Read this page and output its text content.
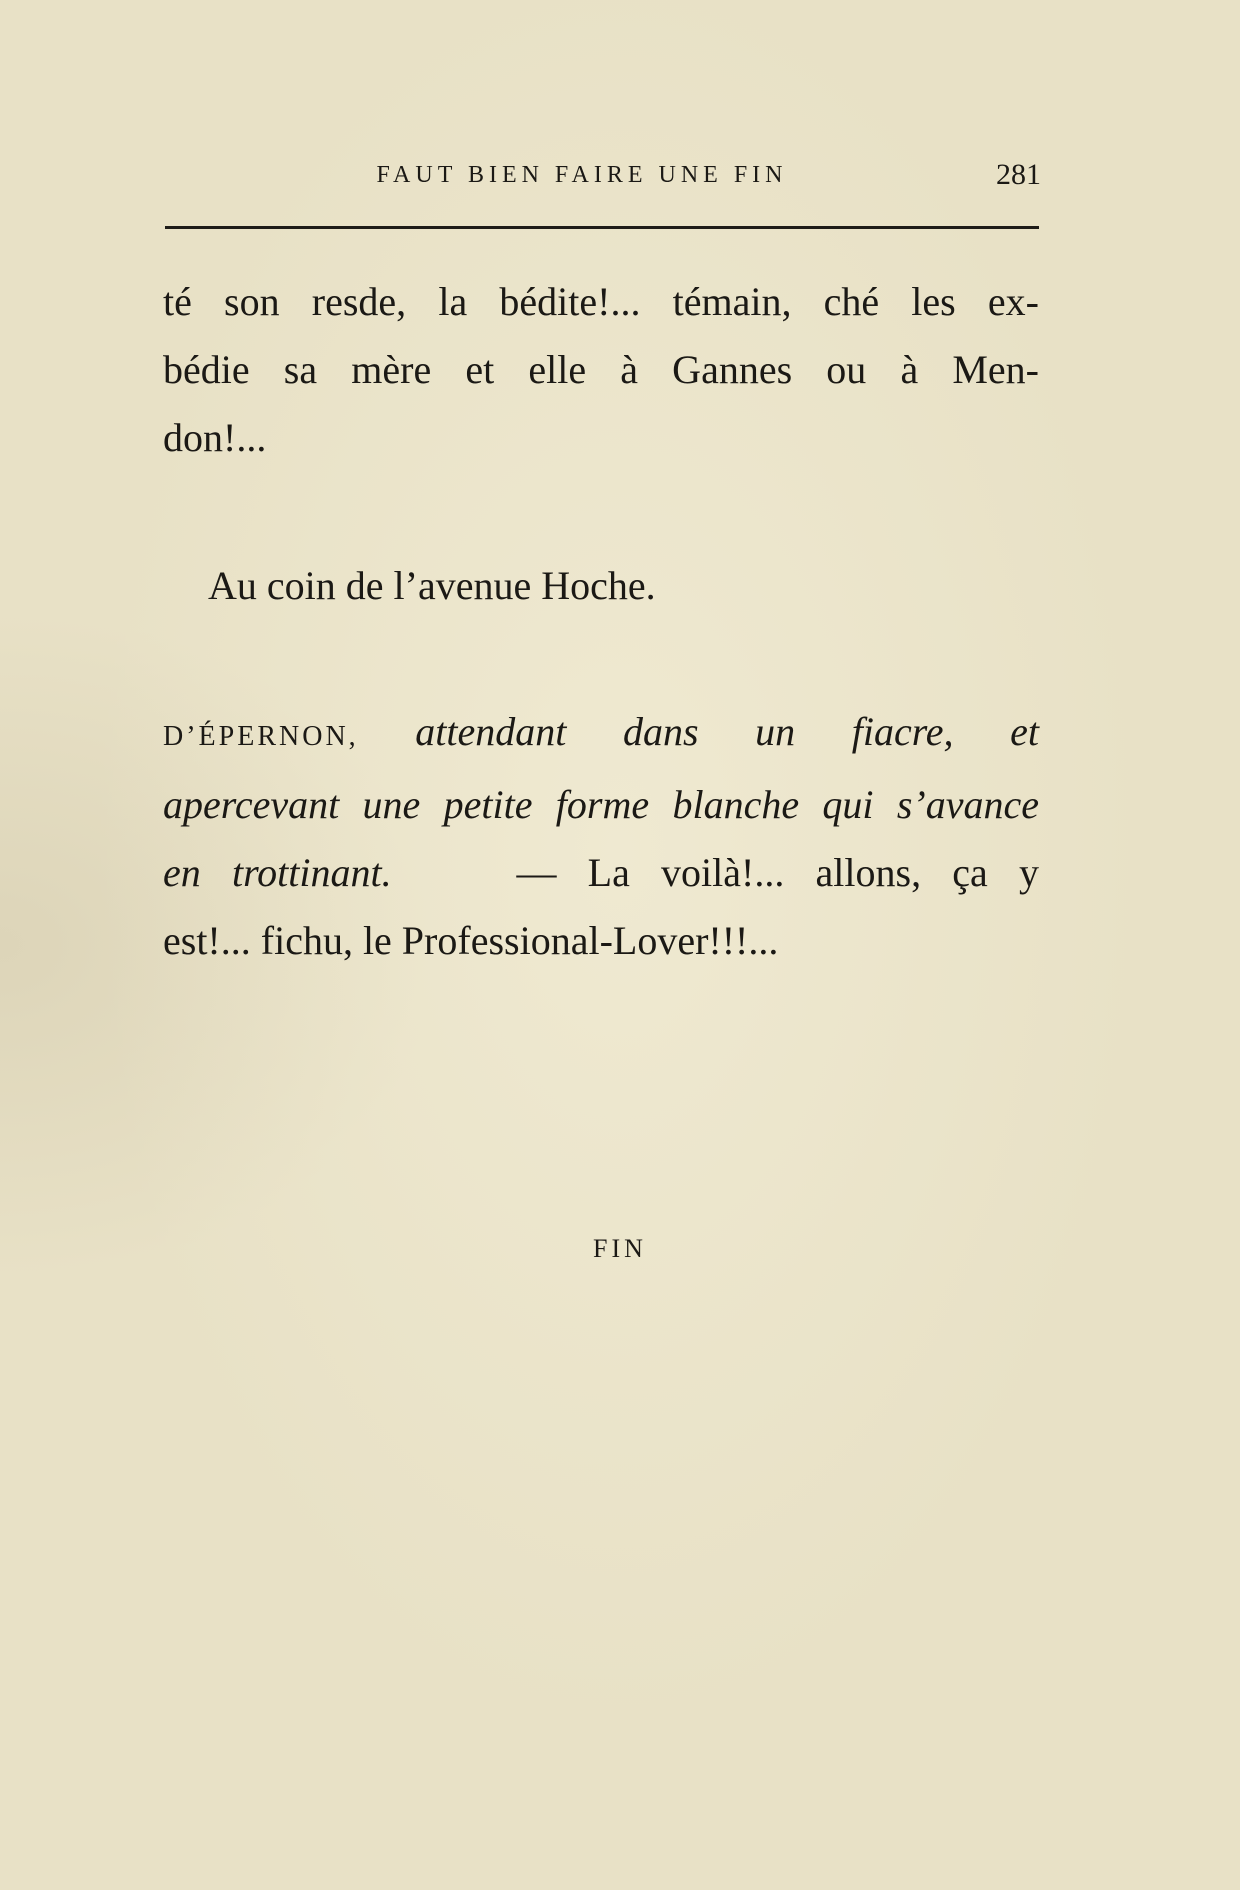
FAUT BIEN FAIRE UNE FIN	281
té son resde, la bédite!... témain, ché les ex-
bédie sa mère et elle à Gannes ou à Men-
don!...
Au coin de l’avenue Hoche.
D’ÉPERNON, attendant dans un fiacre, et
apercevant une petite forme blanche qui s’avance
en trottinant.	— La voilà!... allons, ça y
est!... fichu, le Professional-Lover!!!...
FIN
